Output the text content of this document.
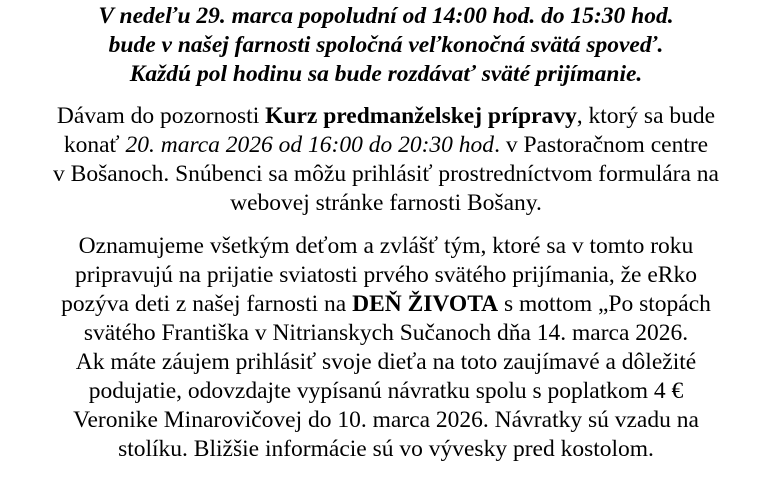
V nedeľu 29. marca popoludní od 14:00 hod. do 15:30 hod.
bude v našej farnosti spoločná veľkonočná svätá spoveď.
Každú pol hodinu sa bude rozdávať sväté prijímanie.

Dávam do pozornosti Kurz predmanželskej prípravy, ktorý sa bude
konať 20. marca 2026 od 16:00 do 20:30 hod. v Pastoračnom centre
v Bošanoch. Snúbenci sa môžu prihlásiť prostredníctvom formulára na
webovej stránke farnosti Bošany.

Oznamujeme všetkým deťom a zvlášť tým, ktoré sa v tomto roku
pripravujú na prijatie sviatosti prvého svätého prijímania, že eRko
pozýva deti z našej farnosti na DEŇ ŽIVOTA s mottom „Po stopách
svätého Františka v Nitrianskych Sučanoch dňa 14. marca 2026.
Ak máte záujem prihlásiť svoje dieťa na toto zaujímavé a dôležité
podujatie, odovzdajte vypísanú návratku spolu s poplatkom 4 €
Veronike Minarovičovej do 10. marca 2026. Návratky sú vzadu na
stolíku. Bližšie informácie sú vo vývesky pred kostolom.
